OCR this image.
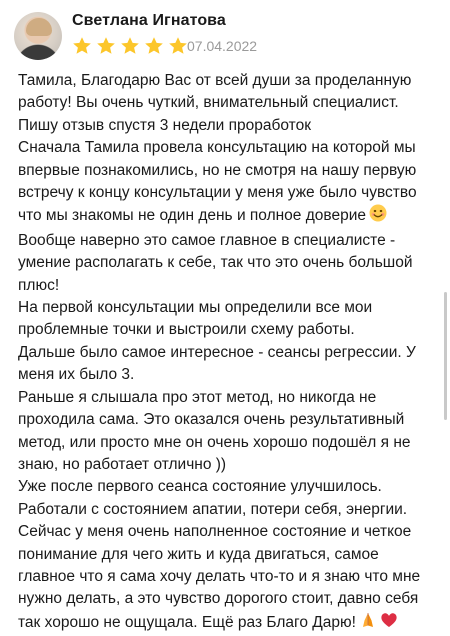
Светлана Игнатова
07.04.2022
Тамила, Благодарю Вас от всей души за проделанную
работу! Вы очень чуткий, внимательный специалист.
Пишу отзыв спустя 3 недели проработок
Сначала Тамила провела консультацию на которой мы
впервые познакомились, но не смотря на нашу первую
встречу к концу консультации у меня уже было чувство
что мы знакомы не один день и полное доверие
Вообще наверно это самое главное в специалисте -
умение располагать к себе, так что это очень большой
плюс!
На первой консультации мы определили все мои
проблемные точки и выстроили схему работы.
Дальше было самое интересное - сеансы регрессии. У
меня их было 3.
Раньше я слышала про этот метод, но никогда не
проходила сама. Это оказался очень результативный
метод, или просто мне он очень хорошо подошёл я не
знаю, но работает отлично ))
Уже после первого сеанса состояние улучшилось.
Работали с состоянием апатии, потери себя, энергии.
Сейчас у меня очень наполненное состояние и четкое
понимание для чего жить и куда двигаться, самое
главное что я сама хочу делать что-то и я знаю что мне
нужно делать, а это чувство дорогого стоит, давно себя
так хорошо не ощущала. Ещё раз Благо Дарю!
